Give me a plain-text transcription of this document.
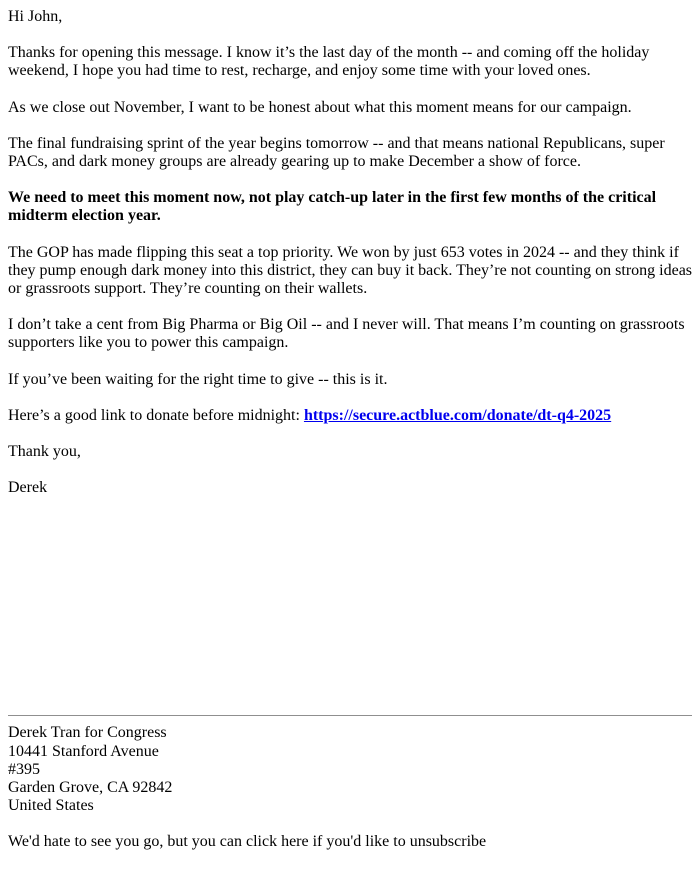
Hi John,

Thanks for opening this message. I know it’s the last day of the month -- and coming off the holiday weekend, I hope you had time to rest, recharge, and enjoy some time with your loved ones.

As we close out November, I want to be honest about what this moment means for our campaign.

The final fundraising sprint of the year begins tomorrow -- and that means national Republicans, super PACs, and dark money groups are already gearing up to make December a show of force.

We need to meet this moment now, not play catch-up later in the first few months of the critical midterm election year.

The GOP has made flipping this seat a top priority. We won by just 653 votes in 2024 -- and they think if they pump enough dark money into this district, they can buy it back. They’re not counting on strong ideas or grassroots support. They’re counting on their wallets.

I don’t take a cent from Big Pharma or Big Oil -- and I never will. That means I’m counting on grassroots supporters like you to power this campaign.

If you’ve been waiting for the right time to give -- this is it.

Here’s a good link to donate before midnight: https://secure.actblue.com/donate/dt-q4-2025

Thank you,

Derek

Derek Tran for Congress
10441 Stanford Avenue
#395
Garden Grove, CA 92842
United States

We'd hate to see you go, but you can click here if you'd like to unsubscribe
